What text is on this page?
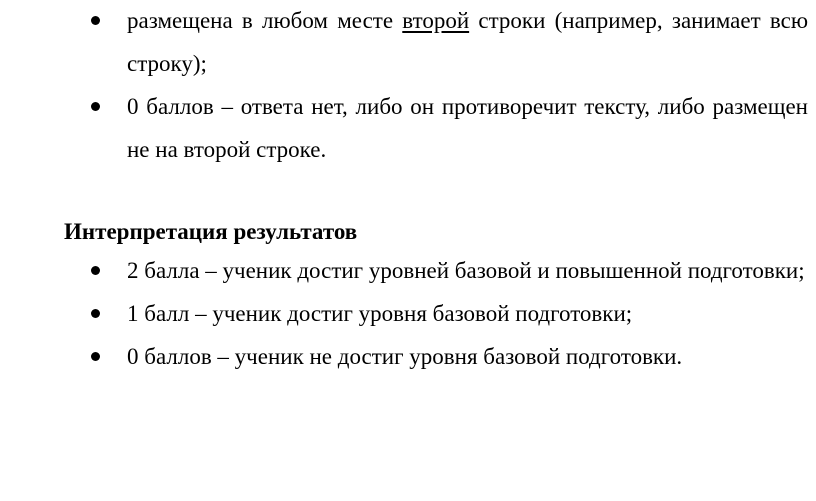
размещена в любом месте второй строки (например, занимает всю строку);
0 баллов – ответа нет, либо он противоречит тексту, либо размещен не на второй строке.
Интерпретация результатов
2 балла – ученик достиг уровней базовой и повышенной подготовки;
1 балл – ученик достиг уровня базовой подготовки;
0 баллов – ученик не достиг уровня базовой подготовки.
